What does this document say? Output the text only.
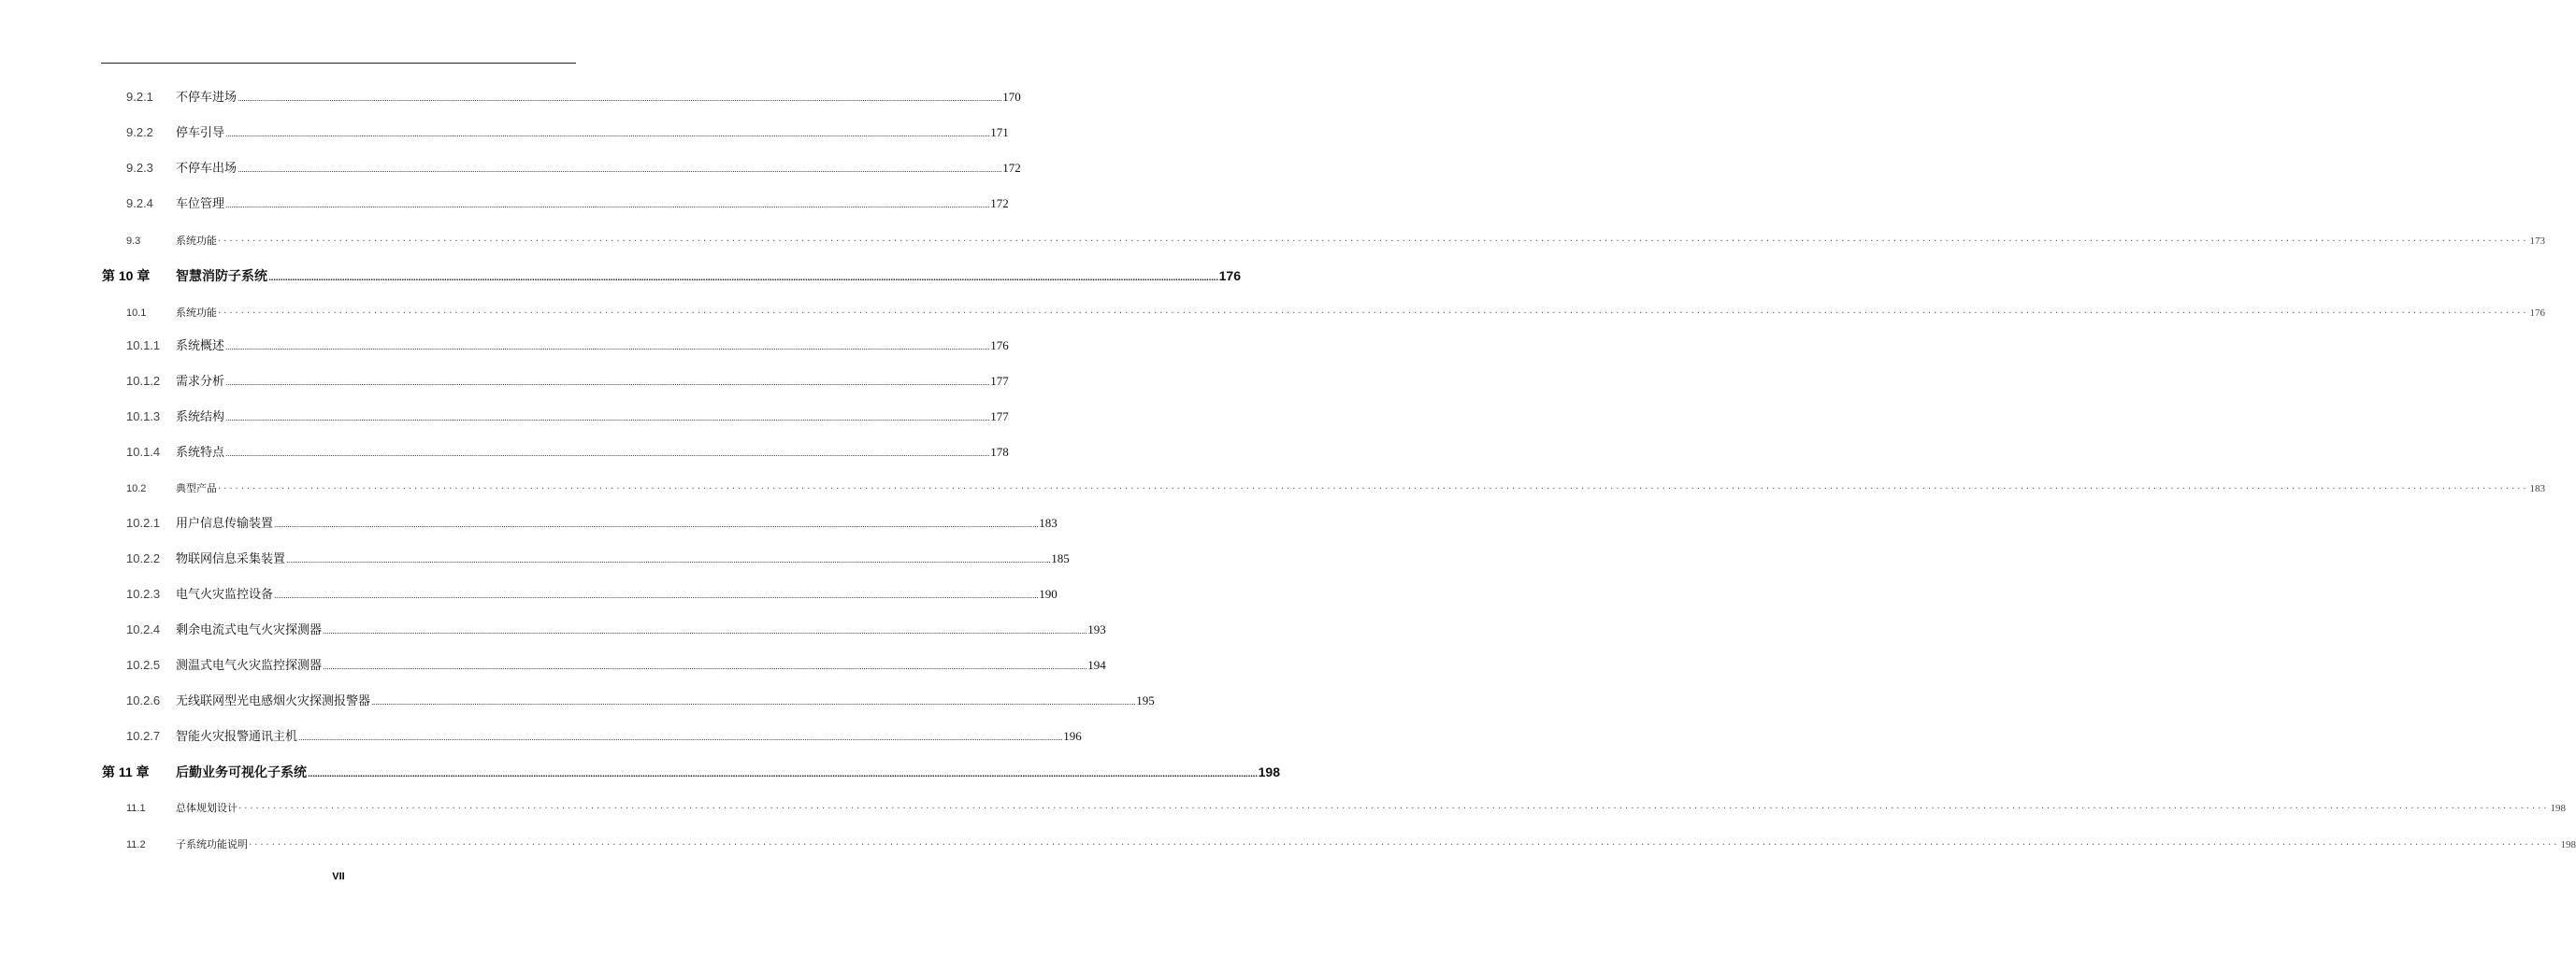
9.2.1 不停车进场 ................................................................................................................................................................................................................................................................................................................................................................................................................ 170
9.2.2 停车引导 ................................................................................................................................................................................................................................................................................................................................................................................................................ 171
9.2.3 不停车出场 ................................................................................................................................................................................................................................................................................................................................................................................................................ 172
9.2.4 车位管理 ................................................................................................................................................................................................................................................................................................................................................................................................................ 172
9.3	系统功能 ················································································································································································································································································································································································································ 173
第 10 章 智慧消防子系统 ................................................................................................................................................................................................................................................................................................................................................................................................................ 176
10.1	系统功能 ················································································································································································································································································································································································································ 176
10.1.1 系统概述 ................................................................................................................................................................................................................................................................................................................................................................................................................ 176
10.1.2 需求分析 ................................................................................................................................................................................................................................................................................................................................................................................................................ 177
10.1.3 系统结构 ................................................................................................................................................................................................................................................................................................................................................................................................................ 177
10.1.4 系统特点 ................................................................................................................................................................................................................................................................................................................................................................................................................ 178
10.2	典型产品 ················································································································································································································································································································································································································ 183
10.2.1 用户信息传输装置 ................................................................................................................................................................................................................................................................................................................................................................................................................ 183
10.2.2 物联网信息采集装置 ................................................................................................................................................................................................................................................................................................................................................................................................................ 185
10.2.3 电气火灾监控设备 ................................................................................................................................................................................................................................................................................................................................................................................................................ 190
10.2.4 剩余电流式电气火灾探测器 ................................................................................................................................................................................................................................................................................................................................................................................................................ 193
10.2.5 测温式电气火灾监控探测器 ................................................................................................................................................................................................................................................................................................................................................................................................................ 194
10.2.6 无线联网型光电感烟火灾探测报警器 ................................................................................................................................................................................................................................................................................................................................................................................................................ 195
10.2.7 智能火灾报警通讯主机 ................................................................................................................................................................................................................................................................................................................................................................................................................ 196
第 11 章 后勤业务可视化子系统 ................................................................................................................................................................................................................................................................................................................................................................................................................ 198
11.1	总体规划设计 ················································································································································································································································································································································································································ 198
11.2	子系统功能说明 ················································································································································································································································································································································································································ 198
VII
